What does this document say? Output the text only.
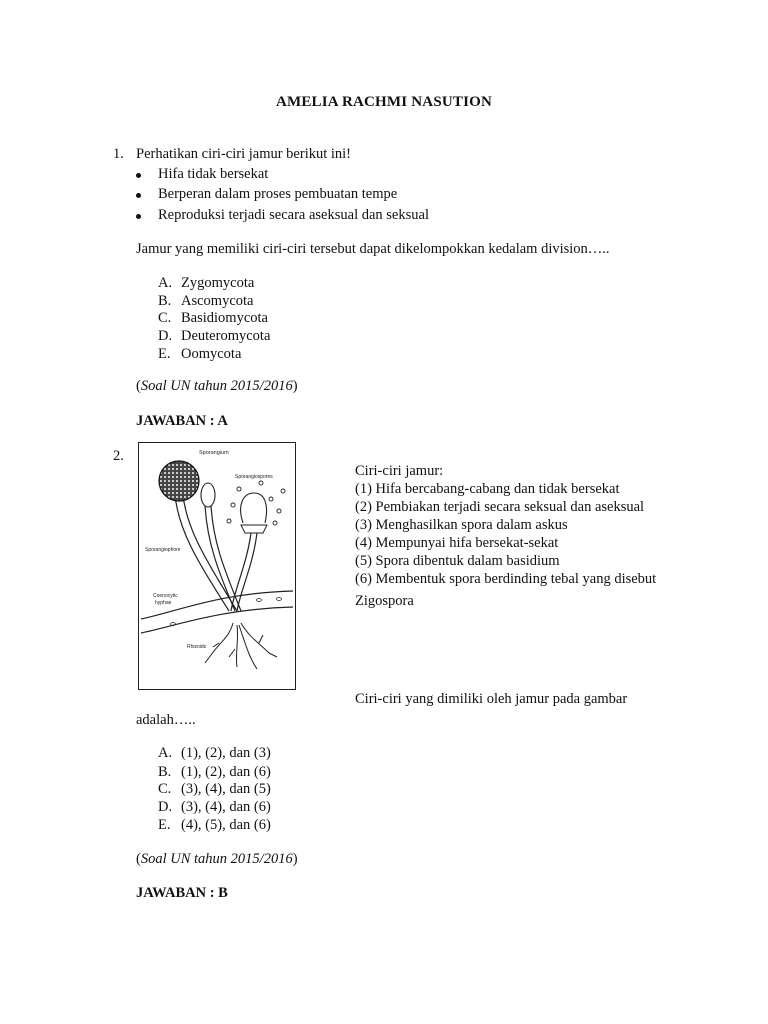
AMELIA RACHMI NASUTION
1. Perhatikan ciri-ciri jamur berikut ini!
Hifa tidak bersekat
Berperan dalam proses pembuatan tempe
Reproduksi terjadi secara aseksual dan seksual
Jamur yang memiliki ciri-ciri tersebut dapat dikelompokkan kedalam division…..
A. Zygomycota
B. Ascomycota
C. Basidiomycota
D. Deuteromycota
E. Oomycota
(Soal UN tahun 2015/2016)
JAWABAN : A
2.	Sporangium
Sporangiospores
Sporangiophore
Coenocytic
hyphae
Rhizoids
Ciri-ciri jamur:
(1) Hifa bercabang-cabang dan tidak bersekat
(2) Pembiakan terjadi secara seksual dan aseksual
(3) Menghasilkan spora dalam askus
(4) Mempunyai hifa bersekat-sekat
(5) Spora dibentuk dalam basidium
(6) Membentuk spora berdinding tebal yang disebut
Zigospora
Ciri-ciri yang dimiliki oleh jamur pada gambar
adalah…..
A. (1), (2), dan (3)
B. (1), (2), dan (6)
C. (3), (4), dan (5)
D. (3), (4), dan (6)
E. (4), (5), dan (6)
(Soal UN tahun 2015/2016)
JAWABAN : B
